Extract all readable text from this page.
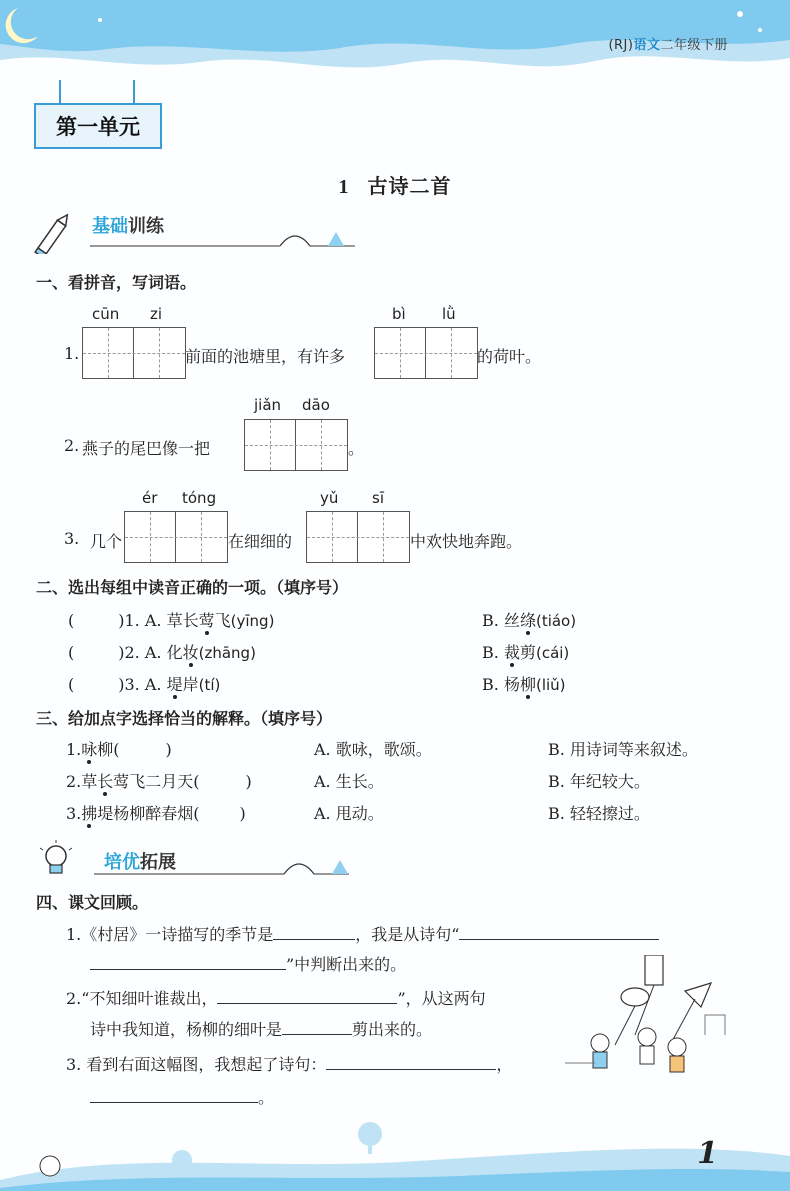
(RJ)语文二年级下册
第一单元
1 古诗二首
基础训练
一、看拼音，写词语。
cūn zi
1.	前面的池塘里，有许多
bì lǜ
的荷叶。
jiǎn dāo
2. 燕子的尾巴像一把	。
ér tóng
3. 几个	在细细的
yǔ sī
中欢快地奔跑。
二、选出每组中读音正确的一项。（填序号）
(	)1. A. 草长莺飞(yīng)	B. 丝绦(tiáo)
(	)2. A. 化妆(zhāng)	B. 裁剪(cái)
(	)3. A. 堤岸(tí)	B. 杨柳(liǔ)
三、给加点字选择恰当的解释。（填序号）
1.咏柳(	)	A. 歌咏，歌颂。	B. 用诗词等来叙述。
2.草长莺飞二月天(	)	A. 生长。	B. 年纪较大。
3.拂堤杨柳醉春烟(	)	A. 甩动。	B. 轻轻擦过。
培优拓展
四、课文回顾。
1.《村居》一诗描写的季节是	，我是从诗句“
”中判断出来的。
2.“不知细叶谁裁出，	”，从这两句
诗中我知道，杨柳的细叶是	剪出来的。
3. 看到右面这幅图，我想起了诗句：	，
。
1
